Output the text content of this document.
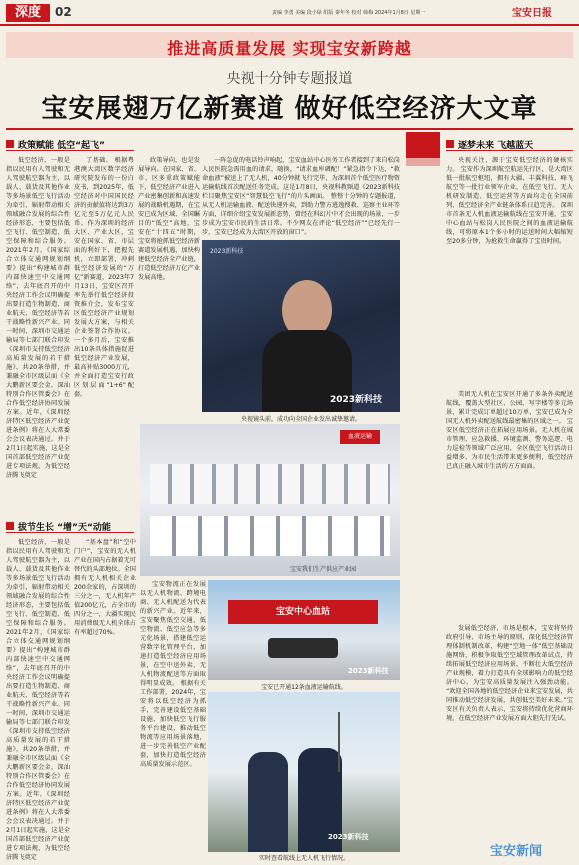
深度	02	责编 李勇 美编 段小绿 组版 秦年冬 校对 韩梅 2024年1月8日 星期一	宝安日报
推进高质量发展 实现宝安新跨越
央视十分钟专题报道
宝安展翅万亿新赛道 做好低空经济大文章
政策赋能 低空“起飞”
低空经济，一般是指以民用有人驾驶和无人驾驶航空器为主，以载人、载货及其他作业等多场景低空飞行活动为牵引，辐射带动相关领域融合发展的综合性经济形态，主要包括低空飞行、低空制造、低空保障和综合服务。 2021年2月，《国家综合立体交通网规划纲要》提出“构建城市群内部快速空中交通网络”，去年底召开的中央经济工作会议明确提出要打造生物制造、商业航天、低空经济等若干战略性新兴产业。同一时间，深圳市交通运输局等七部门联合印发《深圳市支持低空经济高质量发展的若干措施》，共20条举措，并兼融全市区级层面《全大鹏新区要会金，深汕特别合作区管委会》在合作低空经济协同发展方案。近年，《深圳经济特区低空经济产业促进条例》将在人大常委会会议表决通过。并于2月1日起实施，这是全国首部低空经济产业促进专项法规，为低空经济腾飞奠定
了基础。 根据粤港澳大湾区数字经济研究院发布的一份白皮书，到2025年，低空经济对中国国民经济的贡献值将达到3万亿元至5万亿元人民币。作为深圳的经济大区、产业大区，宝安在国家、省、市层面的利好下，把握先机，立即部署，冲刺低空经济发展的“万亿”新赛道，2023年7月13日，宝安区召开率先举行低空经济投资推介会，发布宝安区低空经济产业规划发展大方案，与相关企业签署合作协议。一个多月后，宝安推出10条具体措施促进低空经济产业发展，最高补贴3000万元，并全面打造宝安行政区划层面“1+6”配套。
政策导向，也是发展导向。在国家、省、市、区多重政策赋能下，低空经济产业进入产业密集创新和高速发展的战略机遇期，在宝安已成为区域、全国瞩目的“低空”高地，宝安在“十四五”时期，宝安将抢抓低空经济新赛道发展机遇，加快构建低空经济全产业链，打造低空经济万亿产业发展高地。
一阵急促的电话铃声响起，宝安血站中心医务工作者接到了来自松岗人民医院急需用血的请求，随换，“请求血库调配！”紧急指令下达，“救命血液”被送上了无人机，40分钟就飞行完毕，为深圳首个低空医疗物资运输航线首次配送任务完成。这是1月8日，央视科教频道《2023新科技栏目聚焦宝安区“智慧低空飞行”的片头画面。 整整十分钟的专题报道，从无人机运输血液、配送快递外卖，到助力警方逃逸搜救、巡察主业环等方面，详细介绍宝安发展新态势，曾经在科幻片中才会出现的场景，一步步成为宝安市民的生活日常。不少网友在评论“低空经济”“已经先行一步，宝安已经成为大湾区开放的窗口”。
2023新科技
2023新科技
央视镜头前，成功向全国企业发出诚挚邀请。
血液运输
宝安我们生产供应产业园
拔节生长 “增”天“动能
低空经济，一般是指以民用有人驾驶和无人驾驶航空器为主，以载人、载货及其他作业等多场景低空飞行活动为牵引，辐射带动相关领域融合发展的综合性经济形态，主要包括低空飞行、低空制造、低空保障和综合服务。 2021年2月，《国家综合立体交通网规划纲要》提出“构建城市群内部快速空中交通网络”，去年底召开的中央经济工作会议明确提出要打造生物制造、商业航天、低空经济等若干战略性新兴产业。同一时间，深圳市交通运输局等七部门联合印发《深圳市支持低空经济高质量发展的若干措施》，共20条举措，并兼融全市区级层面《全大鹏新区要会金，深汕特别合作区管委会》在合作低空经济协同发展方案。近年，《深圳经济特区低空经济产业促进条例》将在人大常委会会议表决通过。并于2月1日起实施，这是全国首部低空经济产业促进专项法规，为低空经济腾飞奠定
“基本盘”和“空中门户”，宝安的无人机产业在国内占据着无可替代的头部地位。全国拥有无人机相关企业200余家的，占深圳的三分之一，无人机年产值200亿元，占全市的四分之一，大疆实现民用消费级无人机全球占有率超过70%。
宝安物流正在发展以无人机物流、跨境电商、无人机配送为代表的新兴产业。近年来，宝安聚焦低空交通、低空物流、低空应急等多元化场景，搭建低空运营数字化管理平台，加速打造低空经济应用场景，在空中送外卖、无人机物流配送等方面取得明显成效。 根据有关工作部署，2024年，宝安将以低空经济为抓手，完善建设低空基础设施、加快低空飞行服务平台建设，推动低空物流等应用场景落地，进一步完善低空产业配套，加快打造低空经济高质量发展示范区。
宝安中心血站
2023新科技
宝安已开通12条血液运输航线。
2023新科技
实时查看航线上无人机飞行情况。
逐梦未来 飞越蓝天
央视关注，源于宝安低空经济的硬核实力。 宝安作为深圳航空航运先行区，是大湾区低一批航空枢纽，拥有大疆、丰翼科技、峰飞航空等一批行业领军企业，在低空飞行、无人机研发制造、低空运营等方面均走在全国前列，低空经济全产业链条体系日趋完善。 深圳市首条无人机血液运输航线在宝安开通，宝安中心血站与松岗人民医院之间的血液运输航线，可将原本1个多小时的运送时间大幅缩短至20多分钟，为抢救生命赢得了宝贵时间。
美团无人机在宝安区开通了多条外卖配送航线，覆盖大型社区、公园、写字楼等多元场景，累计完成订单超过10万单，宝安已成为全国无人机外卖配送航线最密集的区域之一。 宝安区低空经济正在拓展应用场景。无人机在城市管理、应急救援、环境监测、警务巡逻、电力巡检等领域广泛应用，全区低空飞行活动日益增多，为市民生活带来更多便利，低空经济已真正融入城市生活的方方面面。
发展低空经济，市场是根本，宝安将坚持政府引导、市场主导的原则，深化低空经济管理体制机制改革，构建“空地一体”低空基础设施网络，积极争取低空空域管理改革试点，持续拓展低空经济应用场景，不断壮大低空经济产业规模，着力打造具有全球影响力的低空经济中心，为宝安高质量发展注入强劲动能。 “欢迎全国各地的低空经济企业来宝安发展，共同推动低空经济发展，共创低空美好未来。”宝安区有关负责人表示，宝安将持续优化营商环境，在低空经济产业发展方面大胆先行先试。
宝安新闻
